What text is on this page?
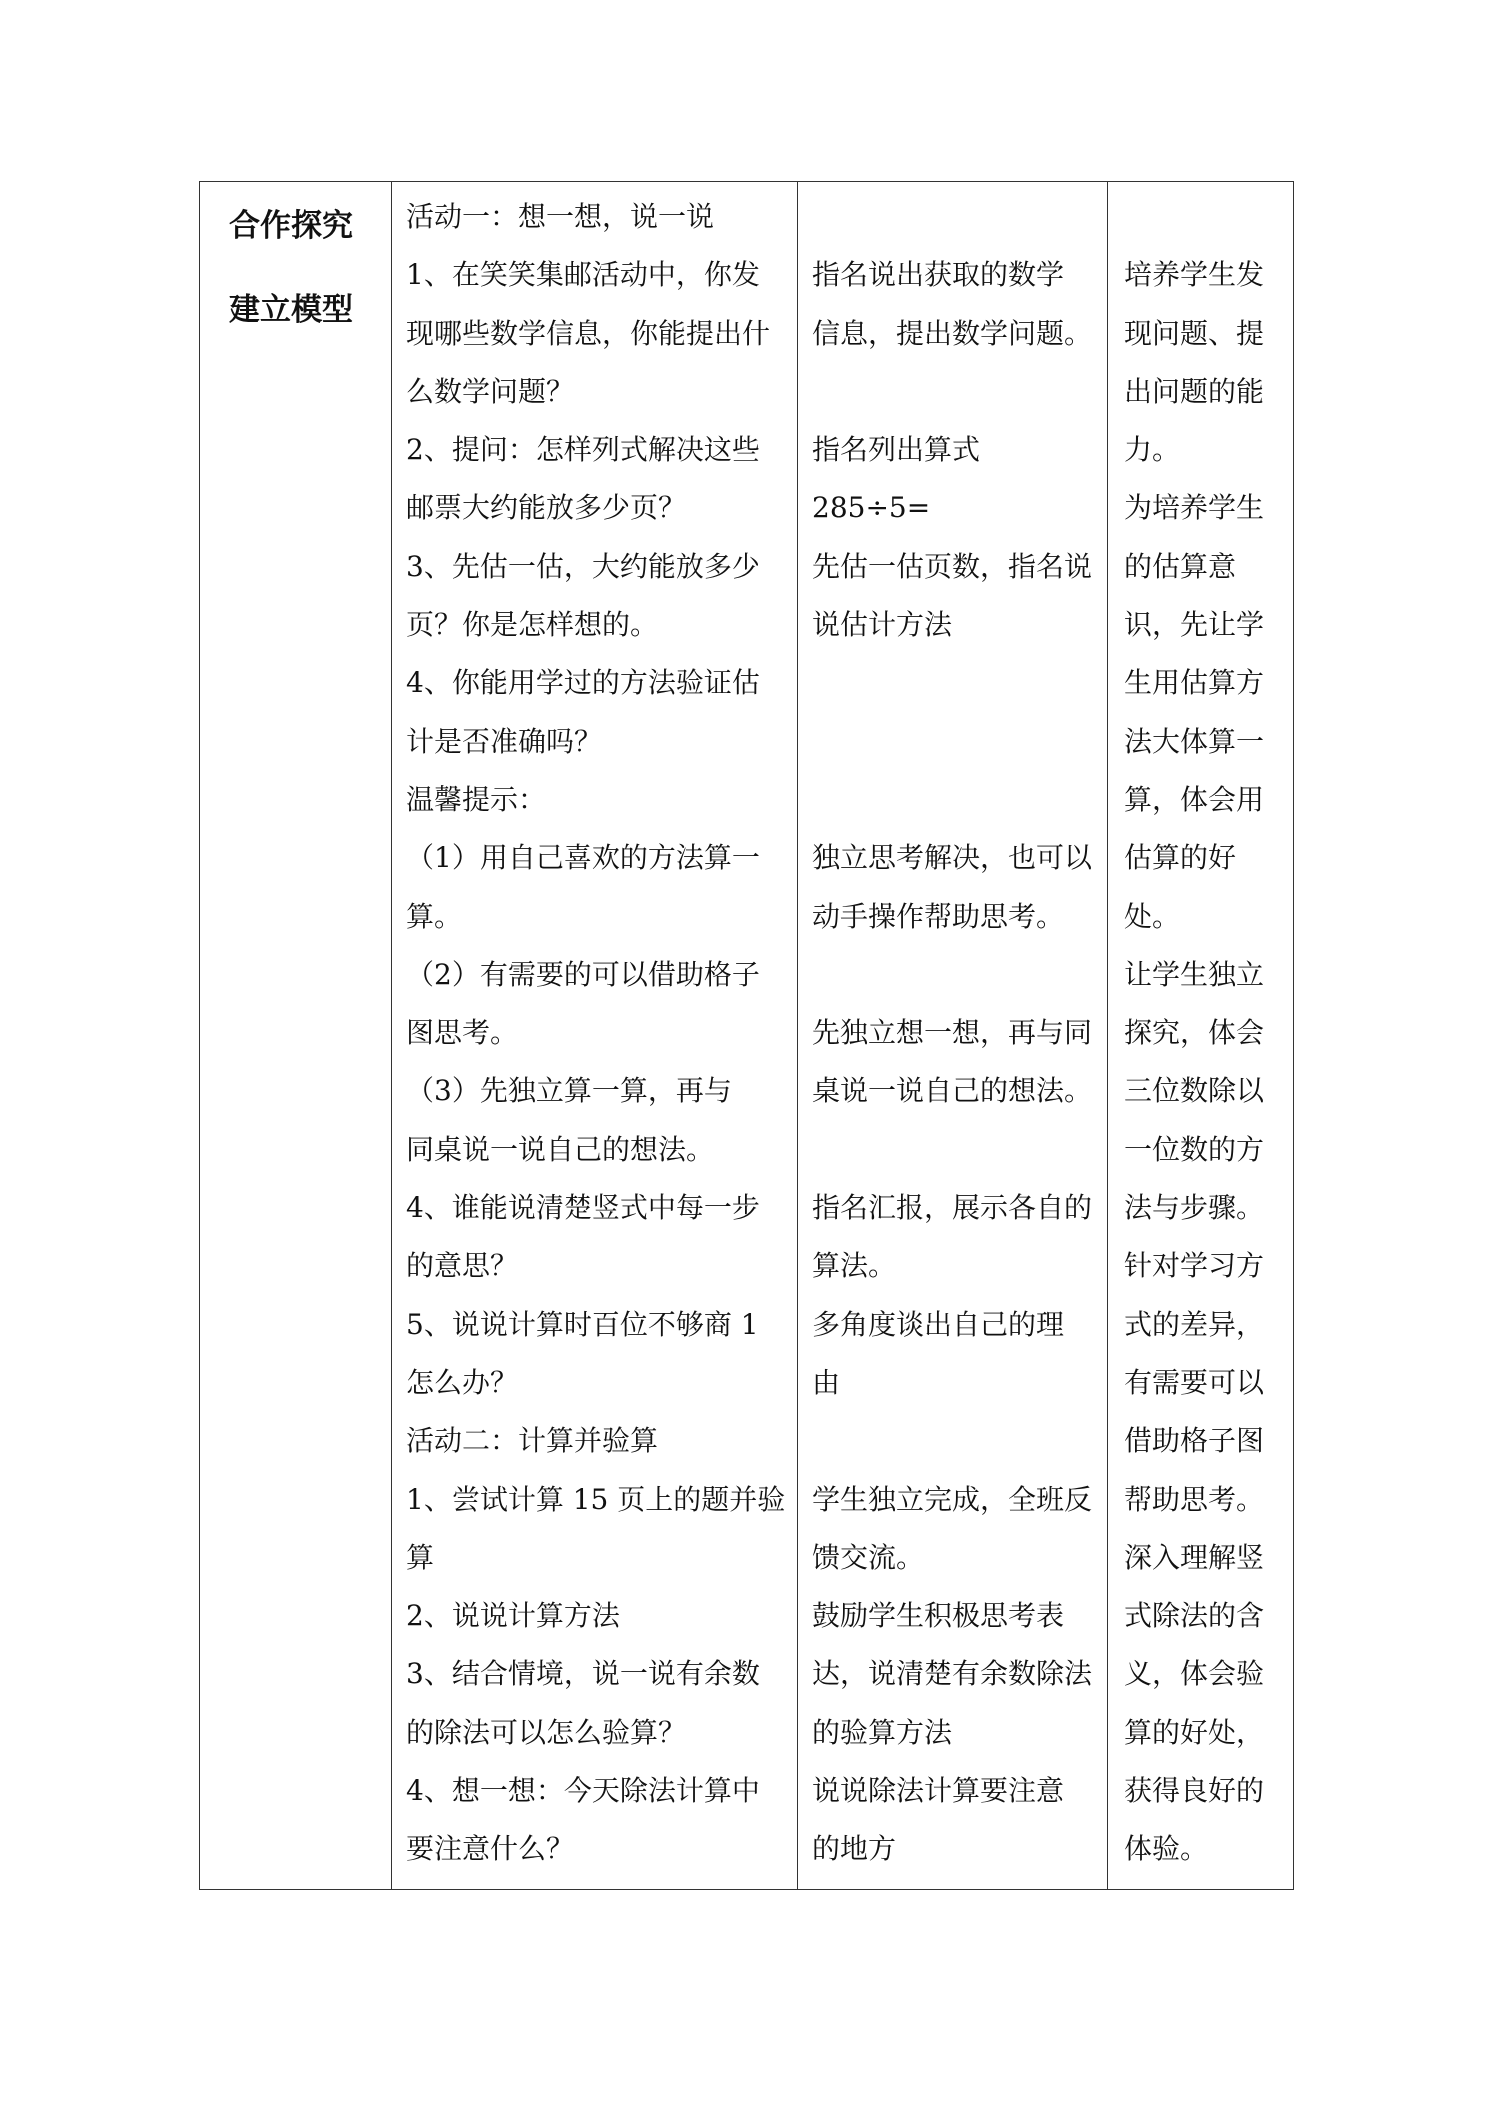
合作探究
建立模型
活动一：想一想，说一说
1、在笑笑集邮活动中，你发
现哪些数学信息，你能提出什
么数学问题？
2、提问：怎样列式解决这些
邮票大约能放多少页？
3、先估一估，大约能放多少
页？你是怎样想的。
4、你能用学过的方法验证估
计是否准确吗？
温馨提示：
（1）用自己喜欢的方法算一
算。
（2）有需要的可以借助格子
图思考。
（3）先独立算一算，再与
同桌说一说自己的想法。
4、谁能说清楚竖式中每一步
的意思？
5、说说计算时百位不够商 1
怎么办？
活动二：计算并验算
1、尝试计算 15 页上的题并验
算
2、说说计算方法
3、结合情境，说一说有余数
的除法可以怎么验算？
4、想一想：今天除法计算中
要注意什么？
指名说出获取的数学
信息，提出数学问题。
指名列出算式
285÷5=
先估一估页数，指名说
说估计方法
独立思考解决，也可以
动手操作帮助思考。
先独立想一想，再与同
桌说一说自己的想法。
指名汇报，展示各自的
算法。
多角度谈出自己的理
由
学生独立完成，全班反
馈交流。
鼓励学生积极思考表
达，说清楚有余数除法
的验算方法
说说除法计算要注意
的地方
培养学生发
现问题、提
出问题的能
力。
为培养学生
的估算意
识，先让学
生用估算方
法大体算一
算，体会用
估算的好
处。
让学生独立
探究，体会
三位数除以
一位数的方
法与步骤。
针对学习方
式的差异，
有需要可以
借助格子图
帮助思考。
深入理解竖
式除法的含
义，体会验
算的好处，
获得良好的
体验。
